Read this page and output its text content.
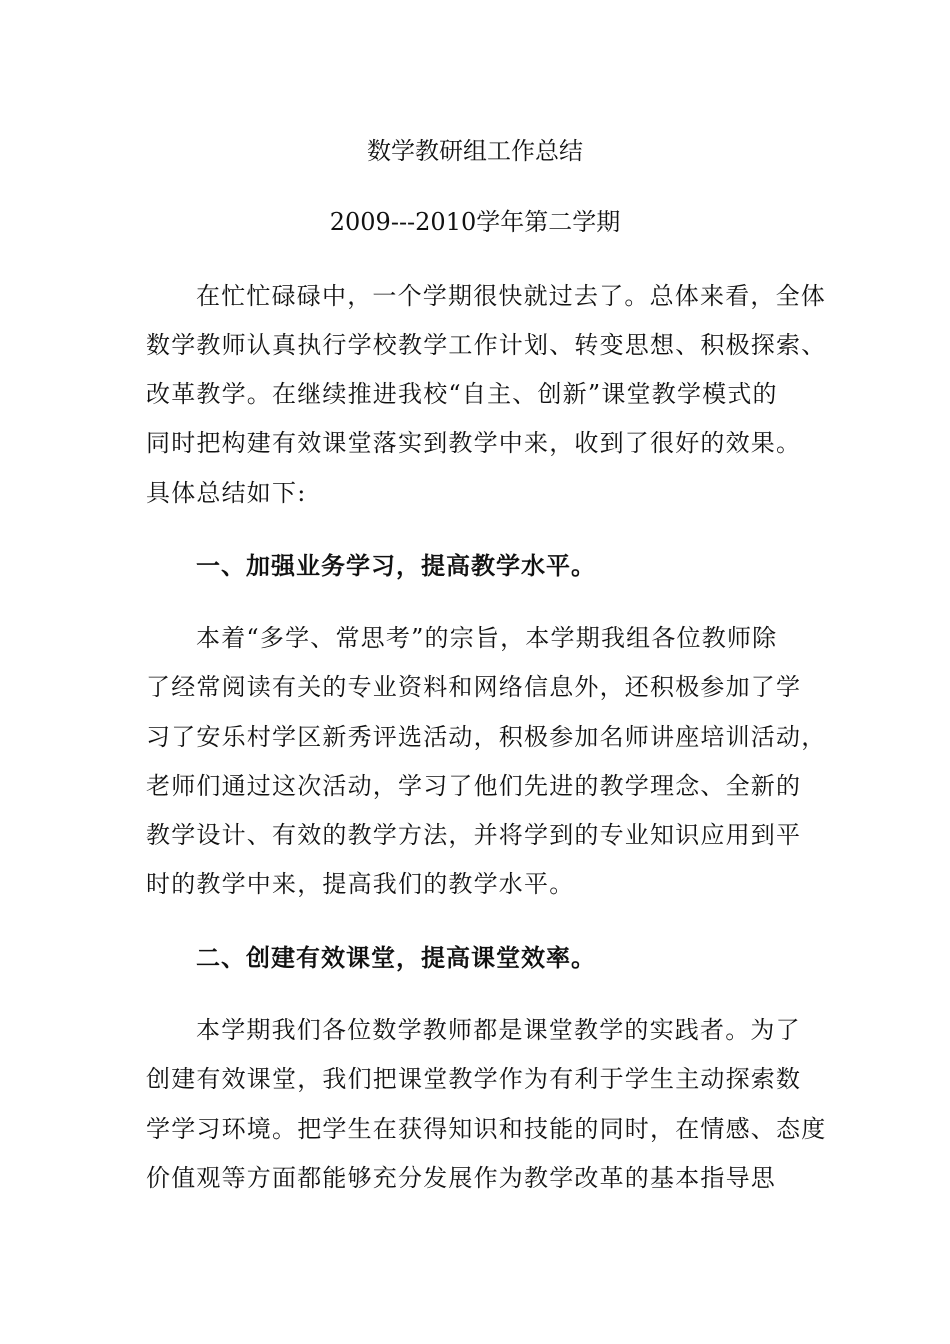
数学教研组工作总结
2009---2010学年第二学期
在忙忙碌碌中，一个学期很快就过去了。总体来看，全体
数学教师认真执行学校教学工作计划、转变思想、积极探索、
改革教学。在继续推进我校“自主、创新”课堂教学模式的
同时把构建有效课堂落实到教学中来，收到了很好的效果。
具体总结如下:
一、加强业务学习，提高教学水平。
本着“多学、常思考”的宗旨，本学期我组各位教师除
了经常阅读有关的专业资料和网络信息外，还积极参加了学
习了安乐村学区新秀评选活动，积极参加名师讲座培训活动，
老师们通过这次活动，学习了他们先进的教学理念、全新的
教学设计、有效的教学方法，并将学到的专业知识应用到平
时的教学中来，提高我们的教学水平。
二、创建有效课堂，提高课堂效率。
本学期我们各位数学教师都是课堂教学的实践者。为了
创建有效课堂，我们把课堂教学作为有利于学生主动探索数
学学习环境。把学生在获得知识和技能的同时，在情感、态度
价值观等方面都能够充分发展作为教学改革的基本指导思
